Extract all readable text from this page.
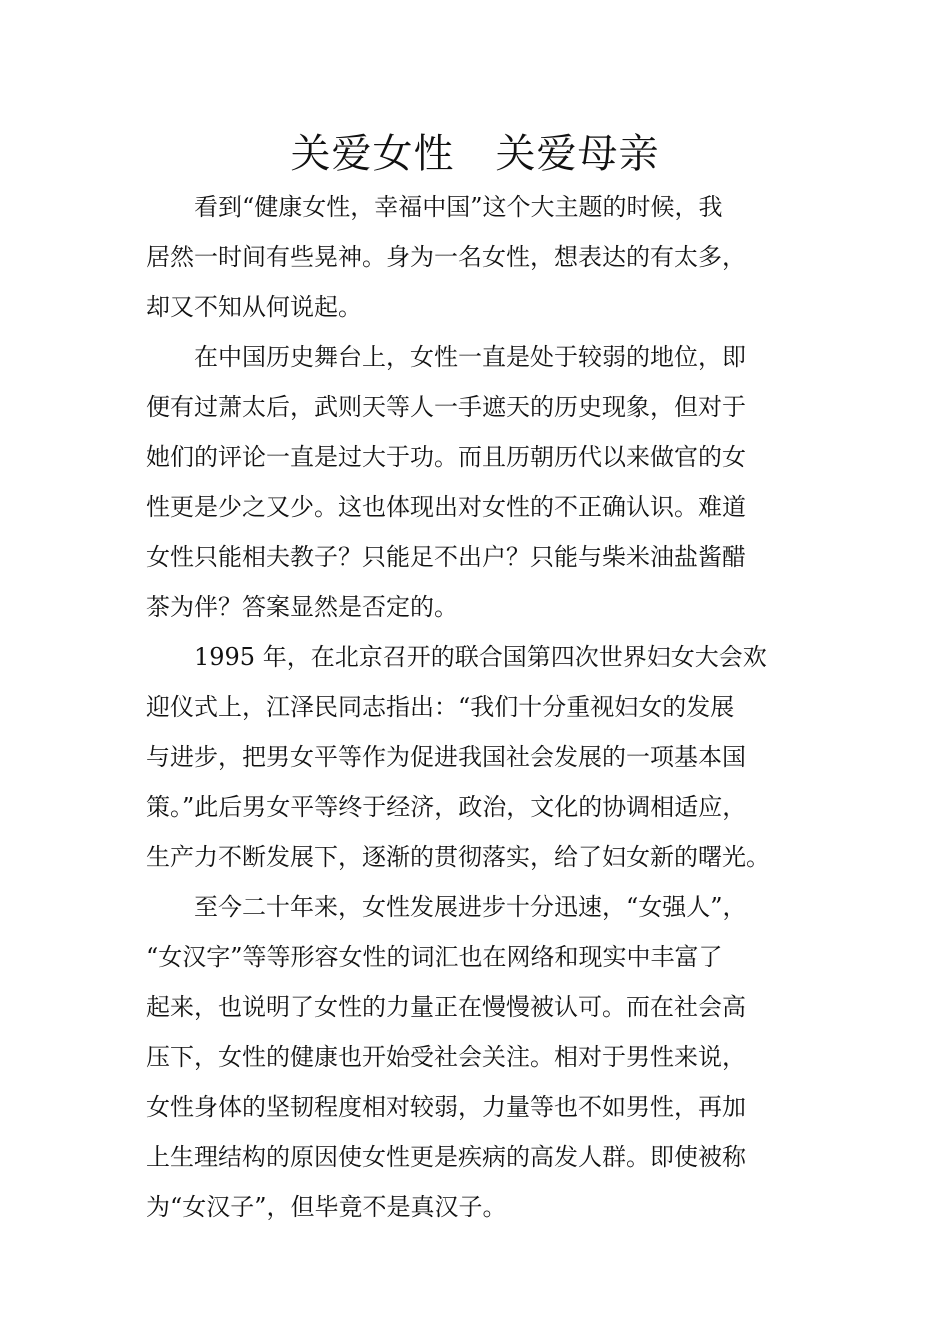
关爱女性　关爱母亲
看到“健康女性，幸福中国”这个大主题的时候，我
居然一时间有些晃神。身为一名女性，想表达的有太多，
却又不知从何说起。
在中国历史舞台上，女性一直是处于较弱的地位，即
便有过萧太后，武则天等人一手遮天的历史现象，但对于
她们的评论一直是过大于功。而且历朝历代以来做官的女
性更是少之又少。这也体现出对女性的不正确认识。难道
女性只能相夫教子？只能足不出户？只能与柴米油盐酱醋
茶为伴？答案显然是否定的。
1995 年，在北京召开的联合国第四次世界妇女大会欢
迎仪式上，江泽民同志指出：“我们十分重视妇女的发展
与进步，把男女平等作为促进我国社会发展的一项基本国
策。”此后男女平等终于经济，政治，文化的协调相适应，
生产力不断发展下，逐渐的贯彻落实，给了妇女新的曙光。
至今二十年来，女性发展进步十分迅速，“女强人”，
“女汉字”等等形容女性的词汇也在网络和现实中丰富了
起来，也说明了女性的力量正在慢慢被认可。而在社会高
压下，女性的健康也开始受社会关注。相对于男性来说，
女性身体的坚韧程度相对较弱，力量等也不如男性，再加
上生理结构的原因使女性更是疾病的高发人群。即使被称
为“女汉子”，但毕竟不是真汉子。
